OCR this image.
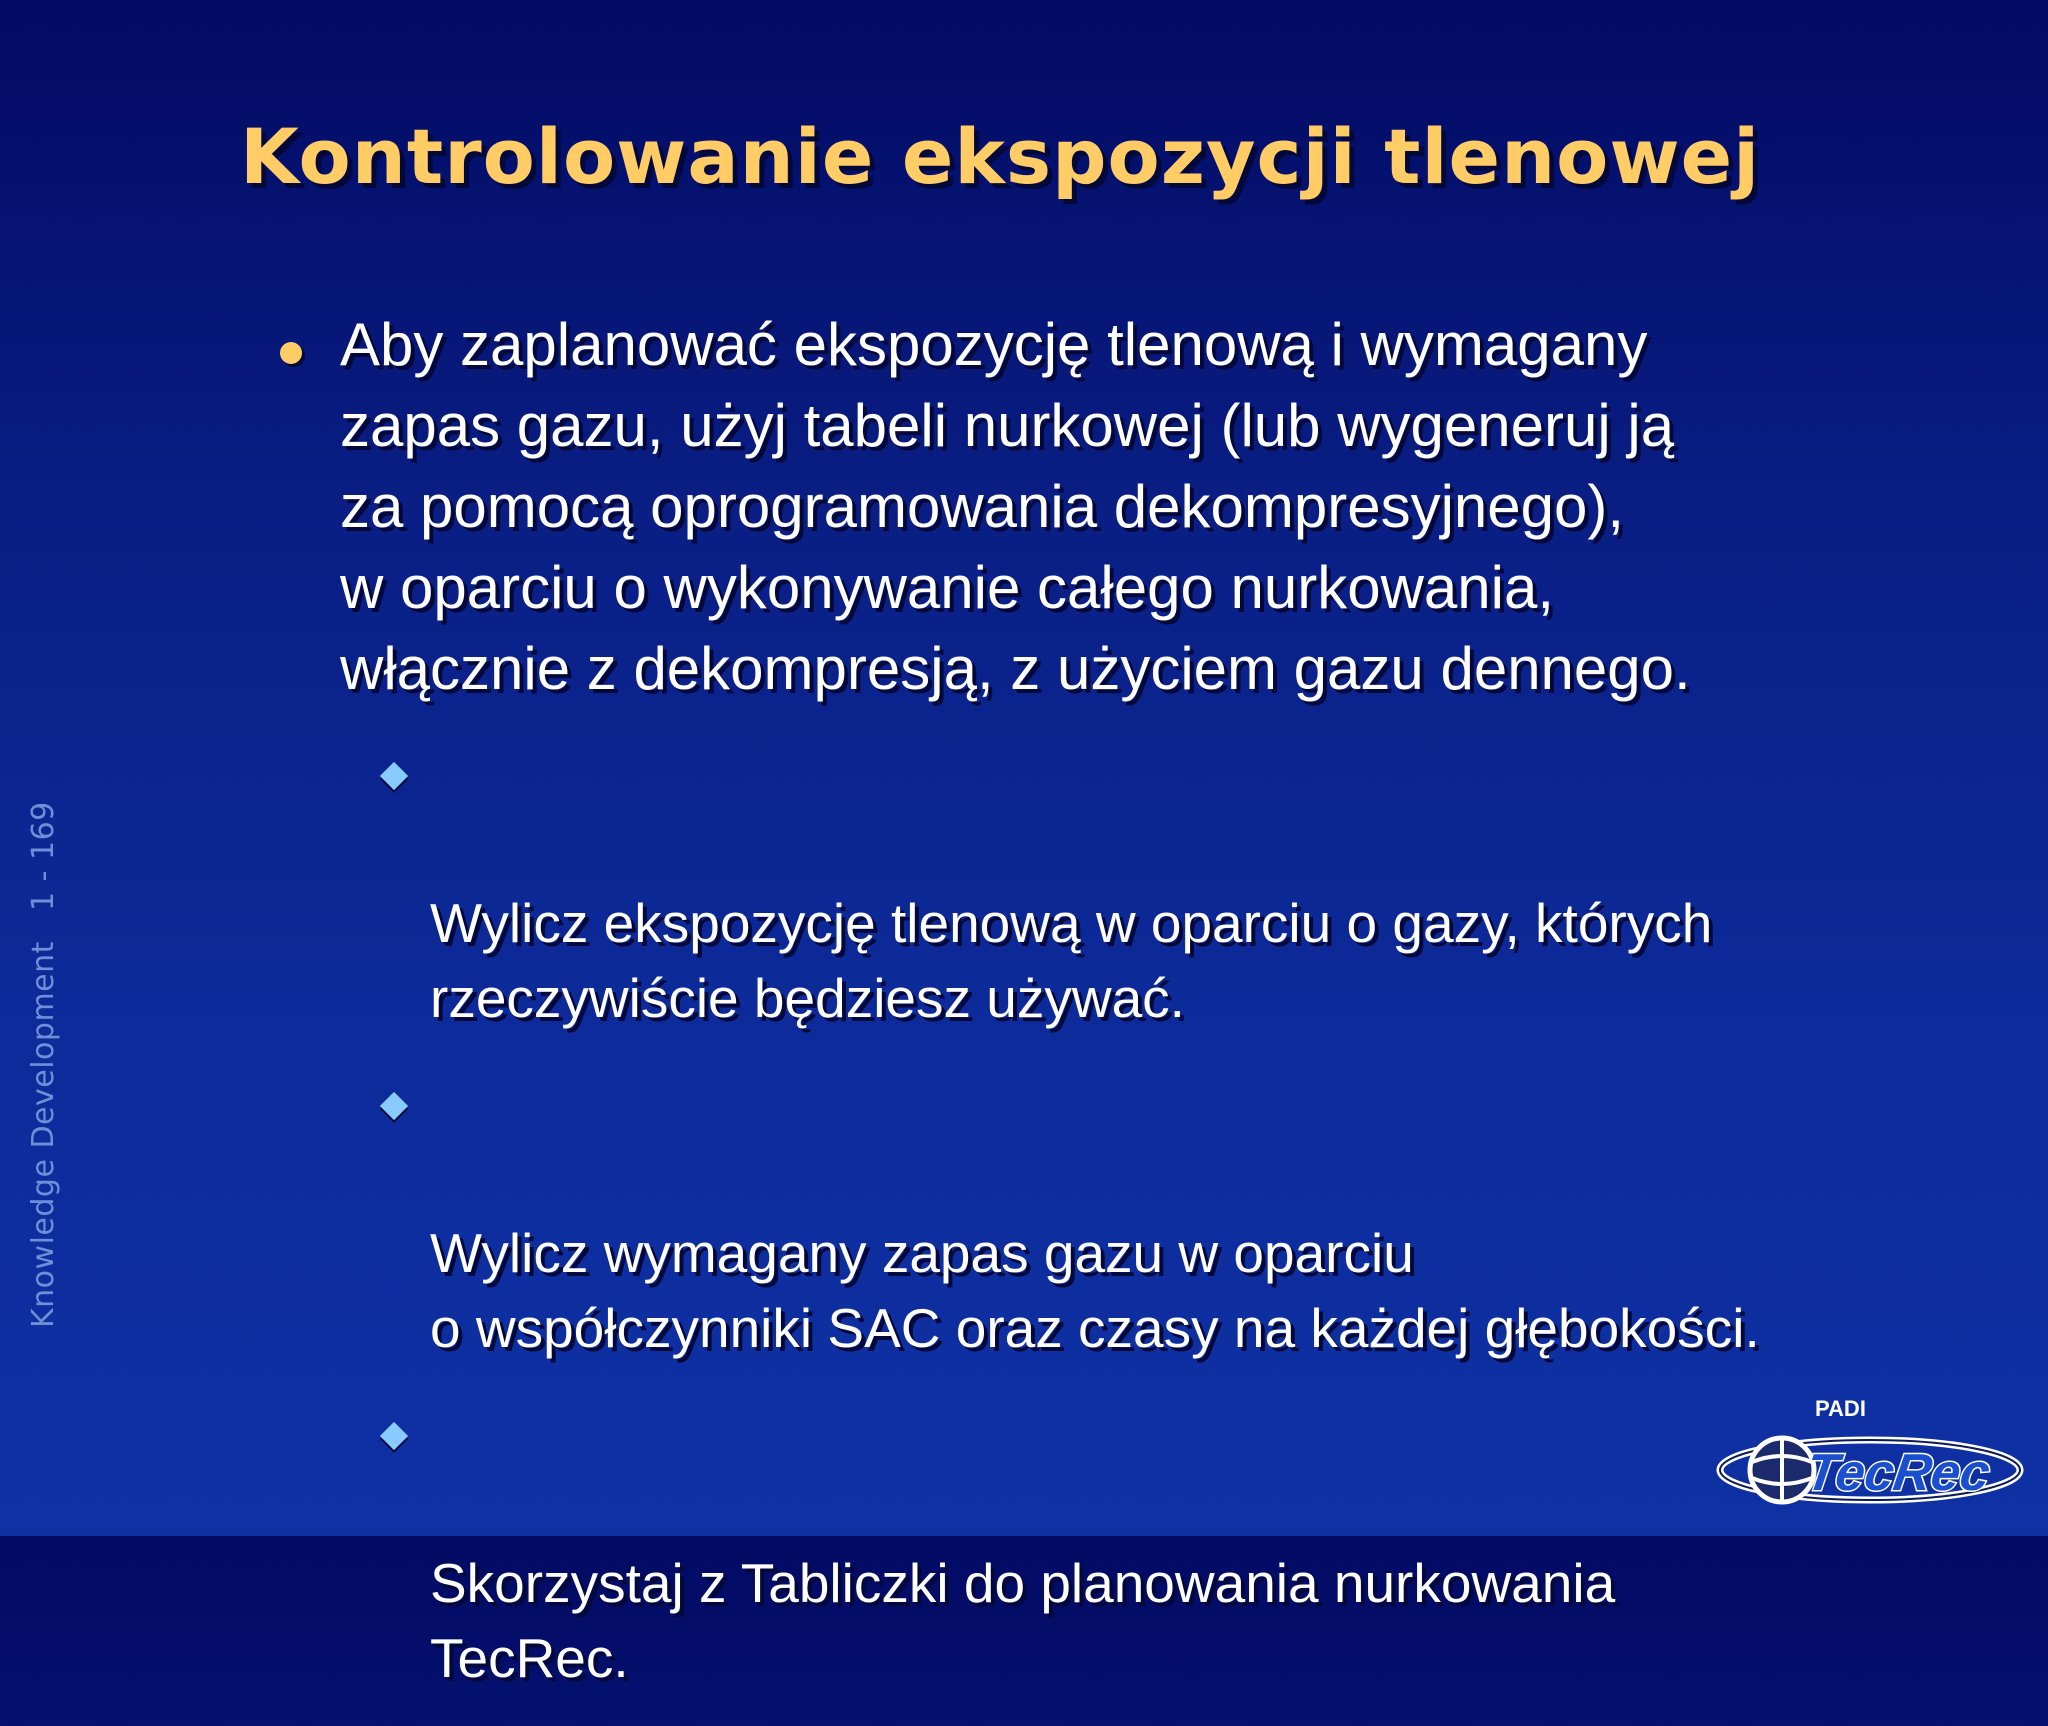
Kontrolowanie ekspozycji tlenowej
Knowledge Development   1 - 169
Aby zaplanować ekspozycję tlenową i wymagany
zapas gazu, użyj tabeli nurkowej (lub wygeneruj ją
za pomocą oprogramowania dekompresyjnego),
w oparciu o wykonywanie całego nurkowania,
włącznie z dekompresją, z użyciem gazu dennego.

Wylicz ekspozycję tlenową w oparciu o gazy, których
rzeczywiście będziesz używać.

Wylicz wymagany zapas gazu w oparciu
o współczynniki SAC oraz czasy na każdej głębokości.

Skorzystaj z Tabliczki do planowania nurkowania
TecRec.

PADI
TecRec
